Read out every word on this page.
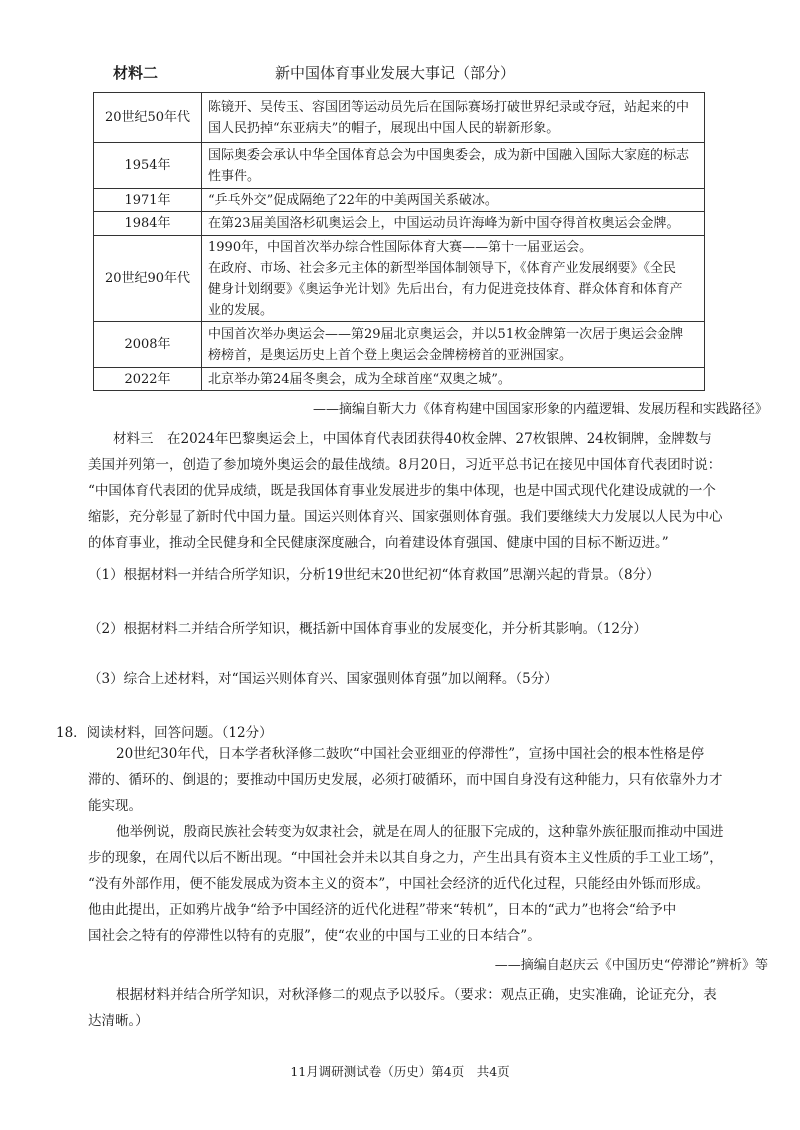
材料二	新中国体育事业发展大事记（部分）
20世纪50年代	陈镜开、吴传玉、容国团等运动员先后在国际赛场打破世界纪录或夺冠，站起来的中
国人民扔掉“东亚病夫”的帽子，展现出中国人民的崭新形象。

1954年	国际奥委会承认中华全国体育总会为中国奥委会，成为新中国融入国际大家庭的标志
性事件。

1971年	“乒乓外交”促成隔绝了22年的中美两国关系破冰。

1984年	在第23届美国洛杉矶奥运会上，中国运动员许海峰为新中国夺得首枚奥运会金牌。

20世纪90年代	1990年，中国首次举办综合性国际体育大赛——第十一届亚运会。
在政府、市场、社会多元主体的新型举国体制领导下，《体育产业发展纲要》《全民
健身计划纲要》《奥运争光计划》先后出台，有力促进竞技体育、群众体育和体育产
业的发展。

2008年	中国首次举办奥运会——第29届北京奥运会，并以51枚金牌第一次居于奥运会金牌
榜榜首，是奥运历史上首个登上奥运会金牌榜榜首的亚洲国家。

2022年	北京举办第24届冬奥会，成为全球首座“双奥之城”。
——摘编自靳大力《体育构建中国国家形象的内蕴逻辑、发展历程和实践路径》
材料三　在2024年巴黎奥运会上，中国体育代表团获得40枚金牌、27枚银牌、24枚铜牌，金牌数与
美国并列第一，创造了参加境外奥运会的最佳战绩。8月20日，习近平总书记在接见中国体育代表团时说：
“中国体育代表团的优异成绩，既是我国体育事业发展进步的集中体现，也是中国式现代化建设成就的一个
缩影，充分彰显了新时代中国力量。国运兴则体育兴、国家强则体育强。我们要继续大力发展以人民为中心
的体育事业，推动全民健身和全民健康深度融合，向着建设体育强国、健康中国的目标不断迈进。”
（1）根据材料一并结合所学知识，分析19世纪末20世纪初“体育救国”思潮兴起的背景。（8分）
（2）根据材料二并结合所学知识，概括新中国体育事业的发展变化，并分析其影响。（12分）
（3）综合上述材料，对“国运兴则体育兴、国家强则体育强”加以阐释。（5分）
18．阅读材料，回答问题。（12分）
20世纪30年代，日本学者秋泽修二鼓吹“中国社会亚细亚的停滞性”，宣扬中国社会的根本性格是停
滞的、循环的、倒退的；要推动中国历史发展，必须打破循环，而中国自身没有这种能力，只有依靠外力才
能实现。
他举例说，殷商民族社会转变为奴隶社会，就是在周人的征服下完成的，这种靠外族征服而推动中国进
步的现象，在周代以后不断出现。“中国社会并未以其自身之力，产生出具有资本主义性质的手工业工场”，
“没有外部作用，便不能发展成为资本主义的资本”，中国社会经济的近代化过程，只能经由外铄而形成。
他由此提出，正如鸦片战争“给予中国经济的近代化进程”带来“转机”，日本的“武力”也将会“给予中
国社会之特有的停滞性以特有的克服”，使“农业的中国与工业的日本结合”。
——摘编自赵庆云《中国历史“停滞论”辨析》等
根据材料并结合所学知识，对秋泽修二的观点予以驳斥。（要求：观点正确，史实准确，论证充分，表
达清晰。）
11月调研测试卷（历史）第4页　共4页
